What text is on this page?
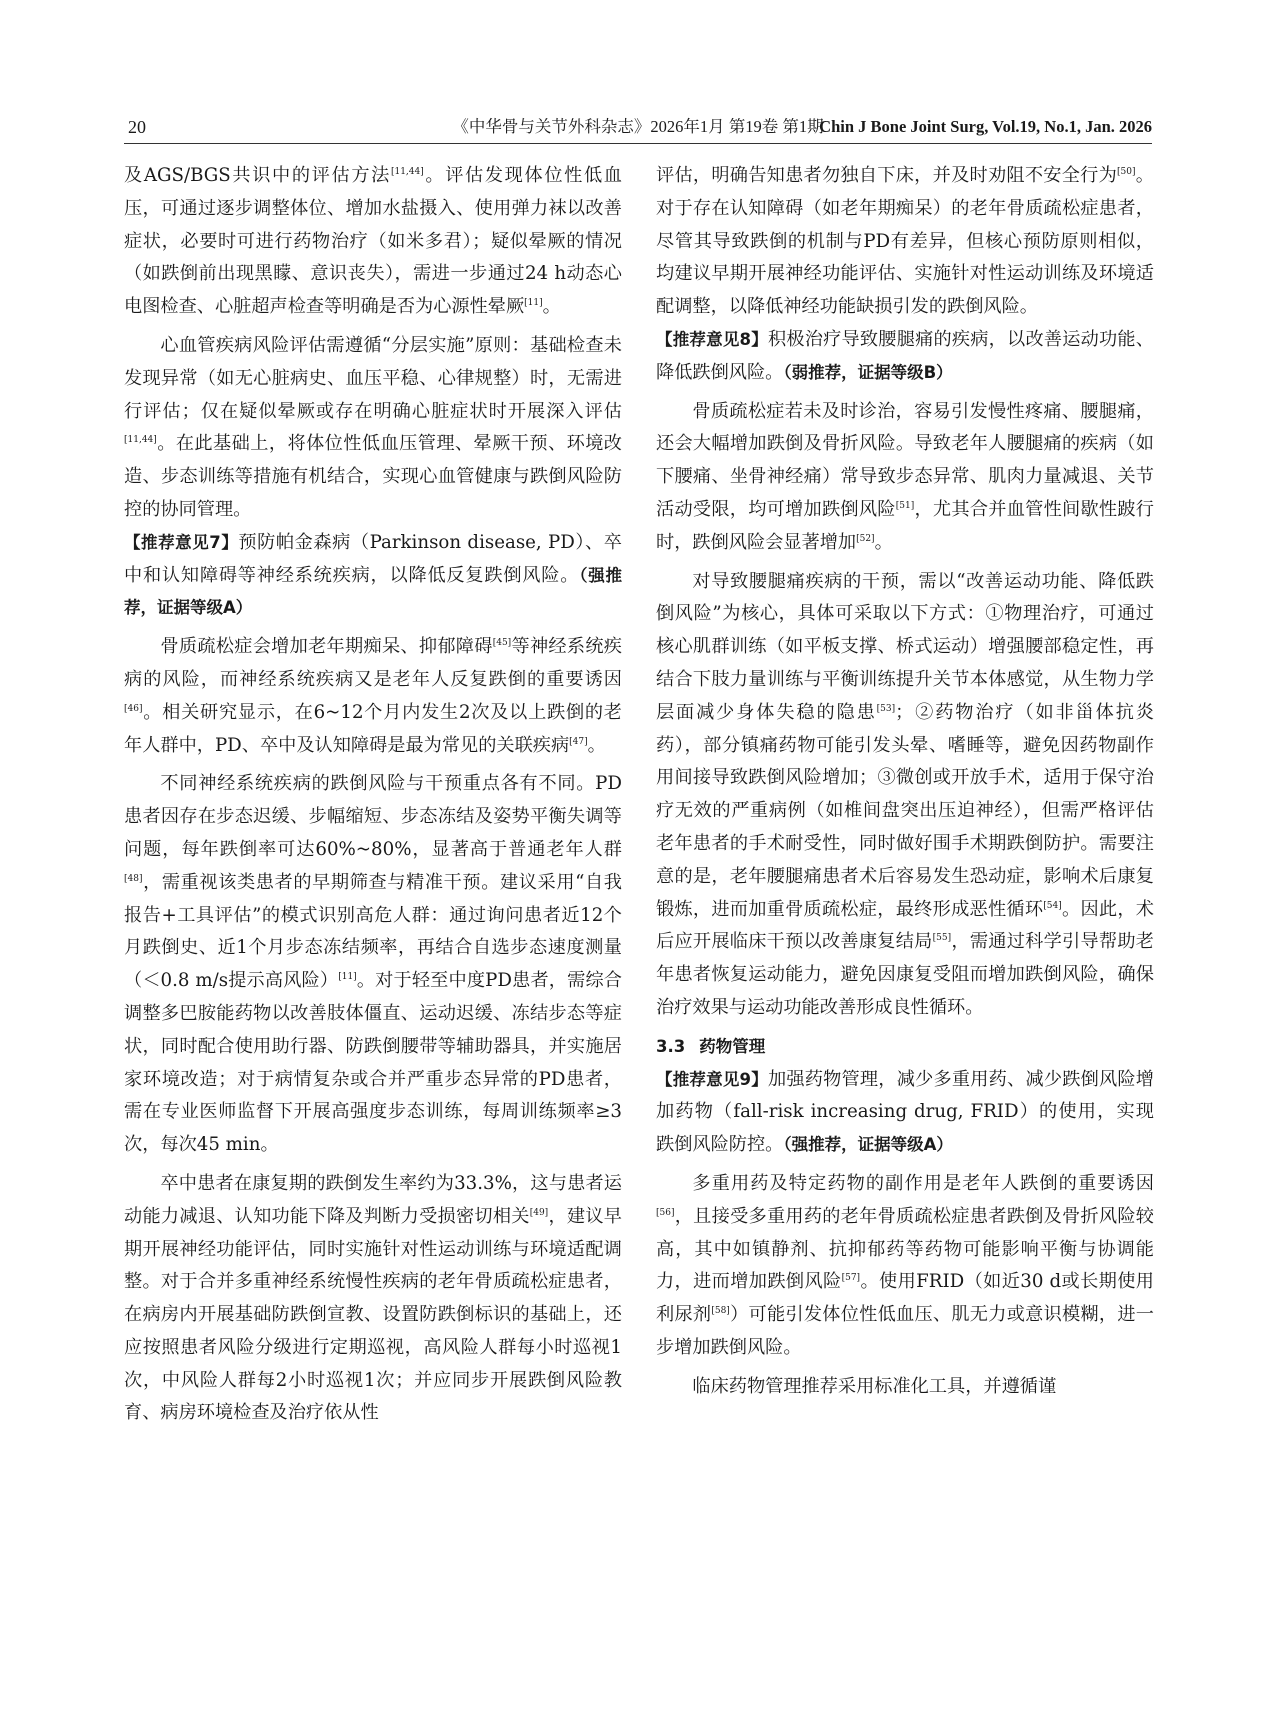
20	《中华骨与关节外科杂志》2026年1月 第19卷 第1期
Chin J Bone Joint Surg, Vol.19, No.1, Jan. 2026

及AGS/BGS共识中的评估方法[11,44]。评估发现体位性低血压，可通过逐步调整体位、增加水盐摄入、使用弹力袜以改善症状，必要时可进行药物治疗（如米多君）；疑似晕厥的情况（如跌倒前出现黑矇、意识丧失），需进一步通过24 h动态心电图检查、心脏超声检查等明确是否为心源性晕厥[11]。

心血管疾病风险评估需遵循“分层实施”原则：基础检查未发现异常（如无心脏病史、血压平稳、心律规整）时，无需进行评估；仅在疑似晕厥或存在明确心脏症状时开展深入评估[11,44]。在此基础上，将体位性低血压管理、晕厥干预、环境改造、步态训练等措施有机结合，实现心血管健康与跌倒风险防控的协同管理。

【推荐意见7】预防帕金森病（Parkinson disease, PD）、卒中和认知障碍等神经系统疾病，以降低反复跌倒风险。（强推荐，证据等级A）

骨质疏松症会增加老年期痴呆、抑郁障碍[45]等神经系统疾病的风险，而神经系统疾病又是老年人反复跌倒的重要诱因[46]。相关研究显示，在6~12个月内发生2次及以上跌倒的老年人群中，PD、卒中及认知障碍是最为常见的关联疾病[47]。

不同神经系统疾病的跌倒风险与干预重点各有不同。PD患者因存在步态迟缓、步幅缩短、步态冻结及姿势平衡失调等问题，每年跌倒率可达60%~80%，显著高于普通老年人群[48]，需重视该类患者的早期筛查与精准干预。建议采用“自我报告+工具评估”的模式识别高危人群：通过询问患者近12个月跌倒史、近1个月步态冻结频率，再结合自选步态速度测量（＜0.8 m/s提示高风险）[11]。对于轻至中度PD患者，需综合调整多巴胺能药物以改善肢体僵直、运动迟缓、冻结步态等症状，同时配合使用助行器、防跌倒腰带等辅助器具，并实施居家环境改造；对于病情复杂或合并严重步态异常的PD患者，需在专业医师监督下开展高强度步态训练，每周训练频率≥3次，每次45 min。

卒中患者在康复期的跌倒发生率约为33.3%，这与患者运动能力减退、认知功能下降及判断力受损密切相关[49]，建议早期开展神经功能评估，同时实施针对性运动训练与环境适配调整。对于合并多重神经系统慢性疾病的老年骨质疏松症患者，在病房内开展基础防跌倒宣教、设置防跌倒标识的基础上，还应按照患者风险分级进行定期巡视，高风险人群每小时巡视1次，中风险人群每2小时巡视1次；并应同步开展跌倒风险教育、病房环境检查及治疗依从性

评估，明确告知患者勿独自下床，并及时劝阻不安全行为[50]。对于存在认知障碍（如老年期痴呆）的老年骨质疏松症患者，尽管其导致跌倒的机制与PD有差异，但核心预防原则相似，均建议早期开展神经功能评估、实施针对性运动训练及环境适配调整，以降低神经功能缺损引发的跌倒风险。

【推荐意见8】积极治疗导致腰腿痛的疾病，以改善运动功能、降低跌倒风险。（弱推荐，证据等级B）

骨质疏松症若未及时诊治，容易引发慢性疼痛、腰腿痛，还会大幅增加跌倒及骨折风险。导致老年人腰腿痛的疾病（如下腰痛、坐骨神经痛）常导致步态异常、肌肉力量减退、关节活动受限，均可增加跌倒风险[51]，尤其合并血管性间歇性跛行时，跌倒风险会显著增加[52]。

对导致腰腿痛疾病的干预，需以“改善运动功能、降低跌倒风险”为核心，具体可采取以下方式：①物理治疗，可通过核心肌群训练（如平板支撑、桥式运动）增强腰部稳定性，再结合下肢力量训练与平衡训练提升关节本体感觉，从生物力学层面减少身体失稳的隐患[53]；②药物治疗（如非甾体抗炎药），部分镇痛药物可能引发头晕、嗜睡等，避免因药物副作用间接导致跌倒风险增加；③微创或开放手术，适用于保守治疗无效的严重病例（如椎间盘突出压迫神经），但需严格评估老年患者的手术耐受性，同时做好围手术期跌倒防护。需要注意的是，老年腰腿痛患者术后容易发生恐动症，影响术后康复锻炼，进而加重骨质疏松症，最终形成恶性循环[54]。因此，术后应开展临床干预以改善康复结局[55]，需通过科学引导帮助老年患者恢复运动能力，避免因康复受阻而增加跌倒风险，确保治疗效果与运动功能改善形成良性循环。

3.3 药物管理

【推荐意见9】加强药物管理，减少多重用药、减少跌倒风险增加药物（fall-risk increasing drug, FRID）的使用，实现跌倒风险防控。（强推荐，证据等级A）

多重用药及特定药物的副作用是老年人跌倒的重要诱因[56]，且接受多重用药的老年骨质疏松症患者跌倒及骨折风险较高，其中如镇静剂、抗抑郁药等药物可能影响平衡与协调能力，进而增加跌倒风险[57]。使用FRID（如近30 d或长期使用利尿剂[58]）可能引发体位性低血压、肌无力或意识模糊，进一步增加跌倒风险。

临床药物管理推荐采用标准化工具，并遵循谨
